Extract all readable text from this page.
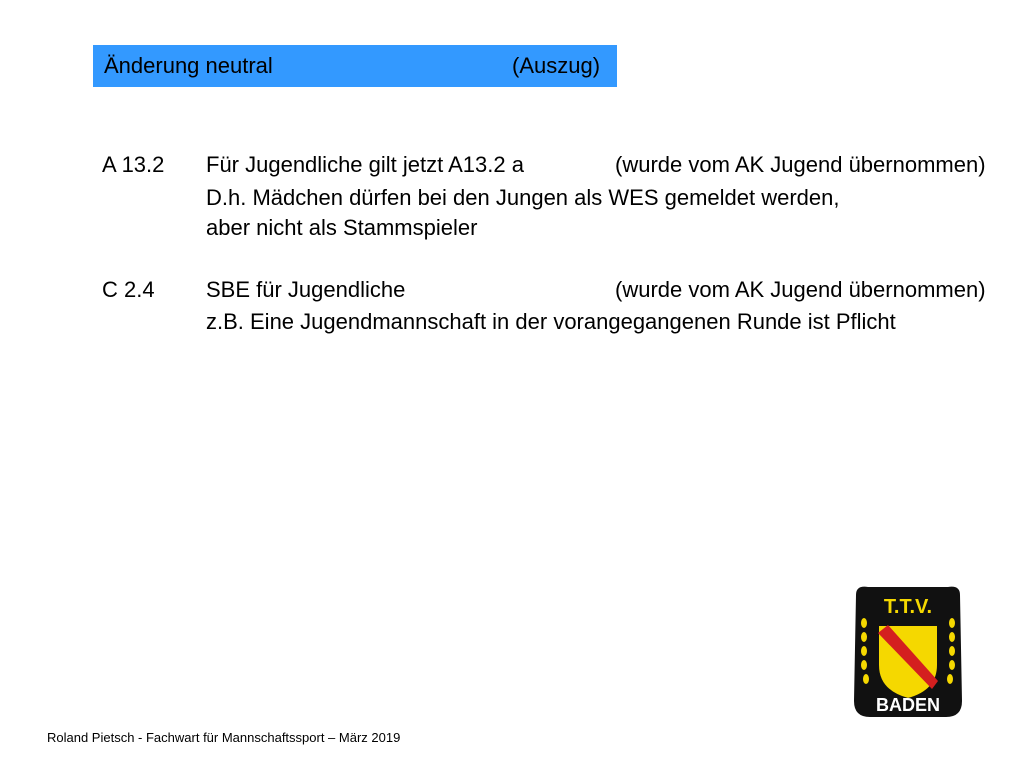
Änderung neutral	(Auszug)
A 13.2 Für Jugendliche gilt jetzt A13.2 a	(wurde vom AK Jugend übernommen)
D.h. Mädchen dürfen bei den Jungen als WES gemeldet werden,
aber nicht als Stammspieler
C 2.4 SBE für Jugendliche	(wurde vom AK Jugend übernommen)
z.B. Eine Jugendmannschaft in der vorangegangenen Runde ist Pflicht
T.T.V.
BADEN
Roland Pietsch - Fachwart für Mannschaftssport – März 2019
